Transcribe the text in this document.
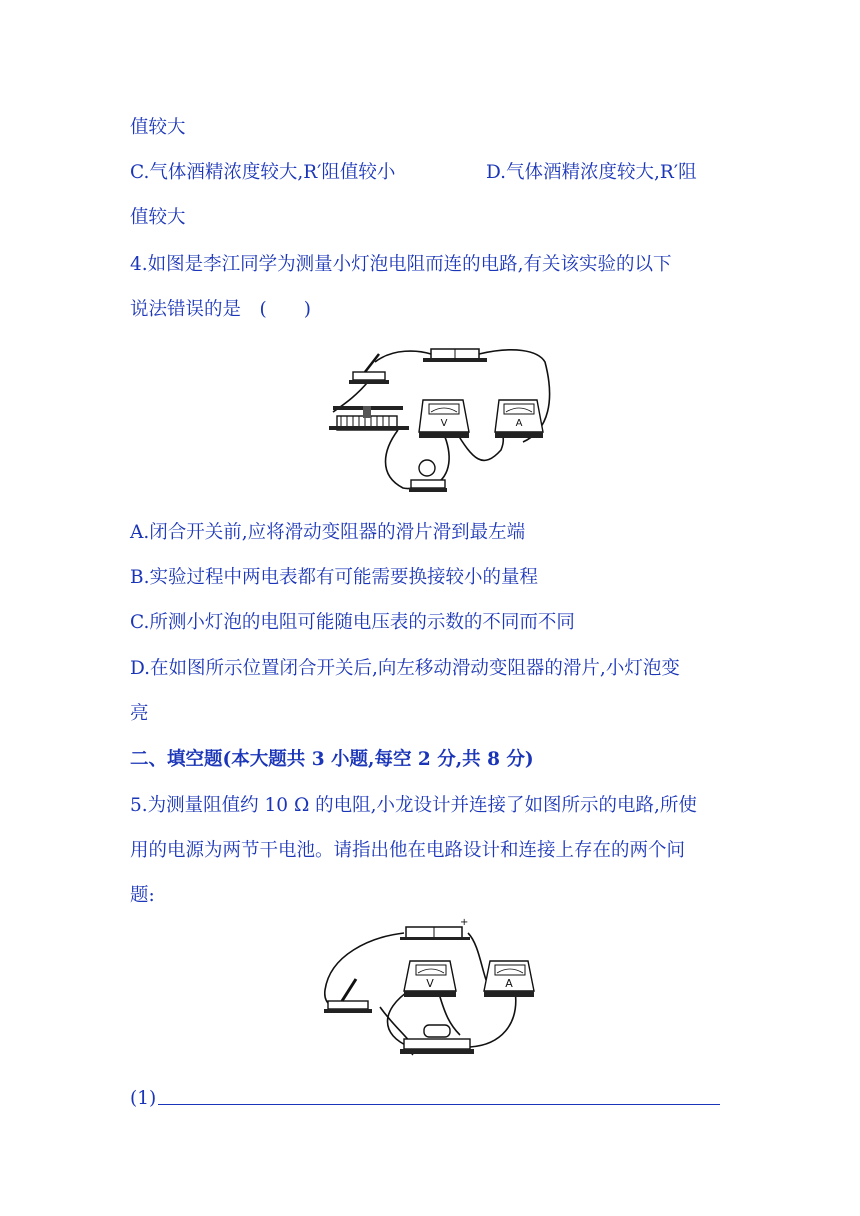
值较大
C.气体酒精浓度较大,R′阻值较小	D.气体酒精浓度较大,R′阻
值较大
4.如图是李江同学为测量小灯泡电阻而连的电路,有关该实验的以下
说法错误的是　(　　)
V	A
A.闭合开关前,应将滑动变阻器的滑片滑到最左端
B.实验过程中两电表都有可能需要换接较小的量程
C.所测小灯泡的电阻可能随电压表的示数的不同而不同
D.在如图所示位置闭合开关后,向左移动滑动变阻器的滑片,小灯泡变
亮
二、填空题(本大题共 3 小题,每空 2 分,共 8 分)
5.为测量阻值约 10 Ω 的电阻,小龙设计并连接了如图所示的电路,所使
用的电源为两节干电池。请指出他在电路设计和连接上存在的两个问
题:
+
V	A
(1)
